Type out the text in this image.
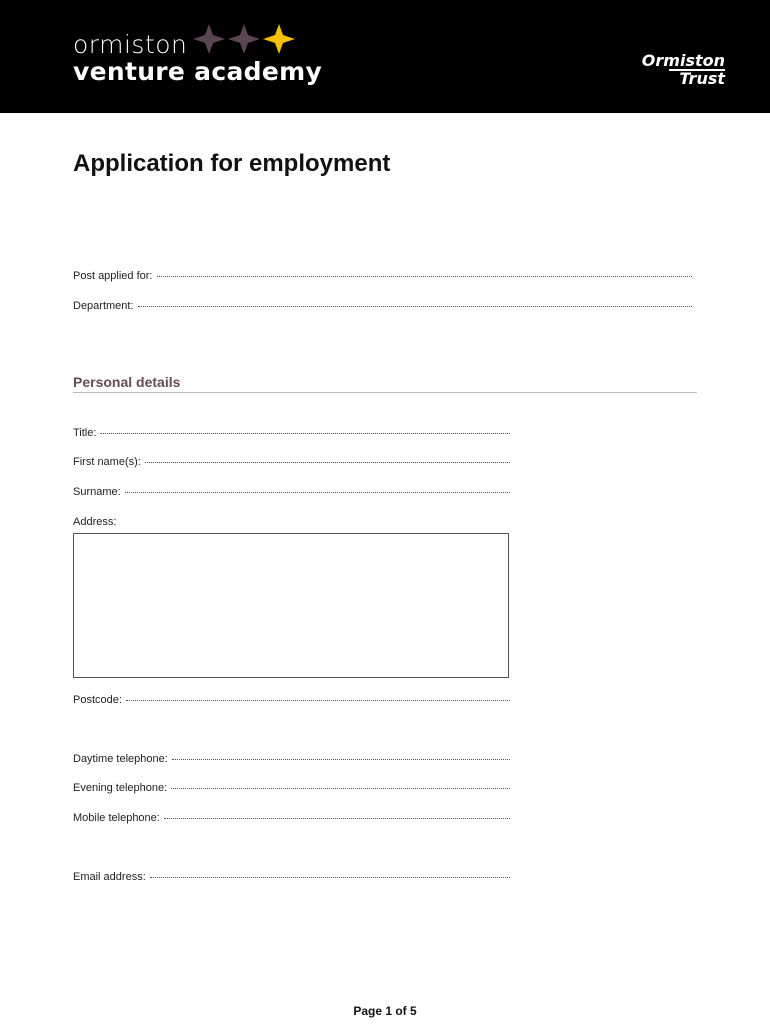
ormiston
venture academy	Ormiston
Trust
Application for employment
Post applied for:
Department:
Personal details
Title:
First name(s):
Surname:
Address:
Postcode:
Daytime telephone:
Evening telephone:
Mobile telephone:
Email address:
Page 1 of 5
